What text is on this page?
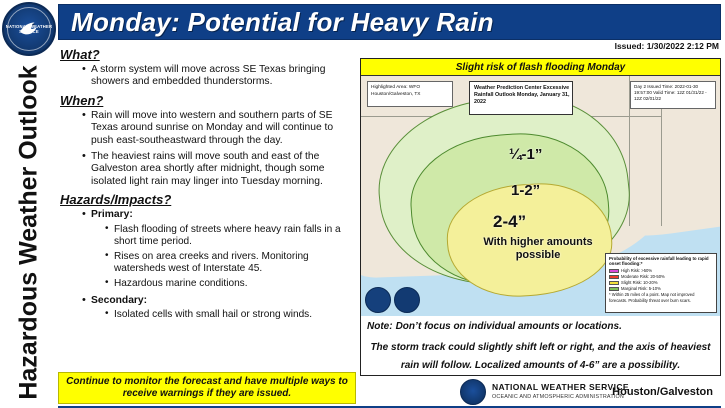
NATIONAL WEATHER SERVICE
Hazardous Weather Outlook
Monday: Potential for Heavy Rain
Issued: 1/30/2022 2:12 PM
What?
• A storm system will move across SE Texas bringing showers and embedded thunderstorms.
When?
• Rain will move into western and southern parts of SE Texas around sunrise on Monday and will continue to push east-southeastward through the day.
• The heaviest rains will move south and east of the Galveston area shortly after midnight, though some isolated light rain may linger into Tuesday morning.
Hazards/Impacts?
• Primary:
• Flash flooding of streets where heavy rain falls in a short time period.
• Rises on area creeks and rivers. Monitoring watersheds west of Interstate 45.
• Hazardous marine conditions.
• Secondary:
• Isolated cells with small hail or strong winds.
Continue to monitor the forecast and have multiple ways to receive warnings if they are issued.
Slight risk of flash flooding Monday
¼-1”
1-2”
2-4”
With higher amounts possible
Highlighted Area: WFO Houston/Galveston, TX
Weather Prediction Center Excessive Rainfall Outlook Monday, January 31, 2022
Day 2 Issued Time: 2022-01-30 19:57:00 Valid Time: 12Z 01/31/22 - 12Z 02/01/22
Probability of excessive rainfall leading to rapid onset flooding:*
High Risk: >50%
Moderate Risk: 20-50%
Slight Risk: 10-20%
Marginal Risk: 5-10%
* Within 25 miles of a point. Map not improved forecasts. Probability threat over burn scars.
Note: Don’t focus on individual amounts or locations.
The storm track could slightly shift left or right, and the axis of heaviest rain will follow. Localized amounts of 4-6” are a possibility.
NATIONAL WEATHER SERVICE
OCEANIC AND ATMOSPHERIC ADMINISTRATION
Houston/Galveston
